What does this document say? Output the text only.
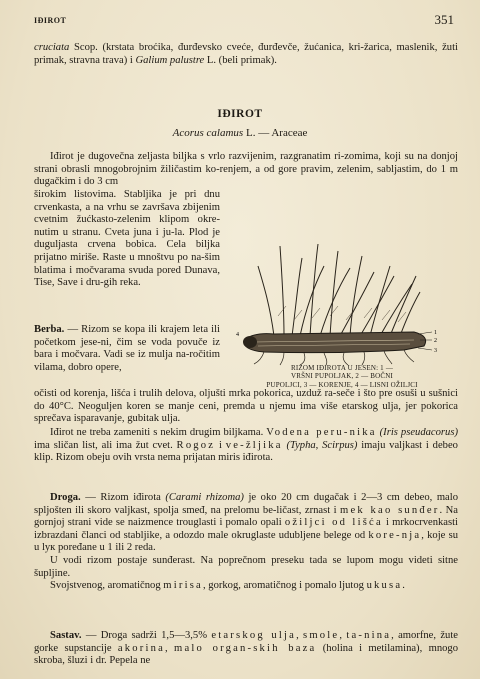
IĐIROT	351

cruciata Scop. (krstata broćika, đurđevsko cveće, đurđevče, žućanica, kri-žarica, maslenik, žuti primak, stravna trava) i Galium palustre L. (beli primak).

IĐIROT
Acorus calamus L. — Araceae

Iđirot je dugovečna zeljasta biljka s vrlo razvijenim, razgranatim ri-zomima, koji su na donjoj strani obrasli mnogobrojnim žiličastim ko-renjem, a od gore pravim, zelenim, sabljastim, do 1 m dugačkim i do 3 cm

širokim listovima. Stabljika je pri dnu crvenkasta, a na vrhu se završava zbijenim cvetnim žućkasto-zelenim klipom okre-nutim u stranu. Cveta juna i ju-la. Plod je duguljasta crvena bobica. Cela biljka prijatno miriše. Raste u mnoštvu po na-šim blatima i močvarama svuda pored Dunava, Tise, Save i dru-gih reka.

Berba. — Rizom se kopa ili krajem leta ili početkom jese-ni, čim se voda povuče iz bara i močvara. Vadi se iz mulja na-ročitim vilama, dobro opere,

1
2
3
4
RIZOM IĐIROTA U JESEN: 1 —
VRŠNI PUPOLJAK, 2 — BOČNI
PUPOLJCI, 3 — KORENJE, 4 — LISNI OŽILJCI

očisti od korenja, lišća i trulih delova, oljušti mrka pokorica, uzduž ra-seče i što pre osuši u sušnici do 40°C. Neoguljen koren se manje ceni, premda u njemu ima više etarskog ulja, jer pokorica sprečava isparavanje, gubitak ulja.

Iđirot ne treba zameniti s nekim drugim biljkama. Vodena peru-nika (Iris pseudacorus) ima sličan list, ali ima žut cvet. Rogoz i ve-žljika (Typha, Scirpus) imaju valjkast i debeo klip. Rizom obeju ovih vrsta nema prijatan miris iđirota.

Droga. — Rizom iđirota (Carami rhizoma) je oko 20 cm dugačak i 2—3 cm debeo, malo spljošten ili skoro valjkast, spolja smeđ, na prelomu be-ličast, zrnast i mek kao sunđer. Na gornjoj strani vide se naizmence trouglasti i pomalo opali ožiljci od lišća i mrkocrvenkasti izbrazdani članci od stabljike, a odozdo male okruglaste udubljene belege od kore-nja, koje su u lук poređane u 1 ili 2 reda.

U vodi rizom postaje sunđerast. Na poprečnom preseku tada se lupom mogu videti sitne šupljine.

Svojstvenog, aromatičnog mirisa, gorkog, aromatičnog i pomalo ljutog ukusa.

Sastav. — Droga sadrži 1,5—3,5% etarskog ulja, smole, ta-nina, amorfne, žute gorke supstancije akorina, malo organ-skih baza (holina i metilamina), mnogo skroba, šluzi i dr. Pepela ne
